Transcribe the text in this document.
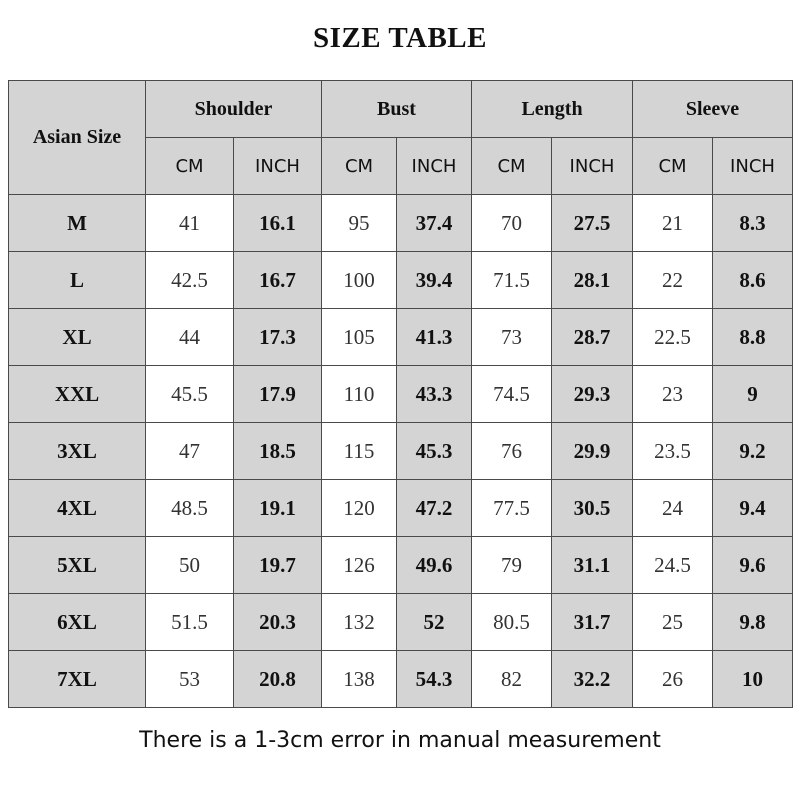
SIZE TABLE
Asian Size	Shoulder		Bust		Length		Sleeve	
	CM	INCH	CM	INCH	CM	INCH	CM	INCH
M	41	16.1	95	37.4	70	27.5	21	8.3
L	42.5	16.7	100	39.4	71.5	28.1	22	8.6
XL	44	17.3	105	41.3	73	28.7	22.5	8.8
XXL	45.5	17.9	110	43.3	74.5	29.3	23	9
3XL	47	18.5	115	45.3	76	29.9	23.5	9.2
4XL	48.5	19.1	120	47.2	77.5	30.5	24	9.4
5XL	50	19.7	126	49.6	79	31.1	24.5	9.6
6XL	51.5	20.3	132	52	80.5	31.7	25	9.8
7XL	53	20.8	138	54.3	82	32.2	26	10
There is a 1-3cm error in manual measurement
